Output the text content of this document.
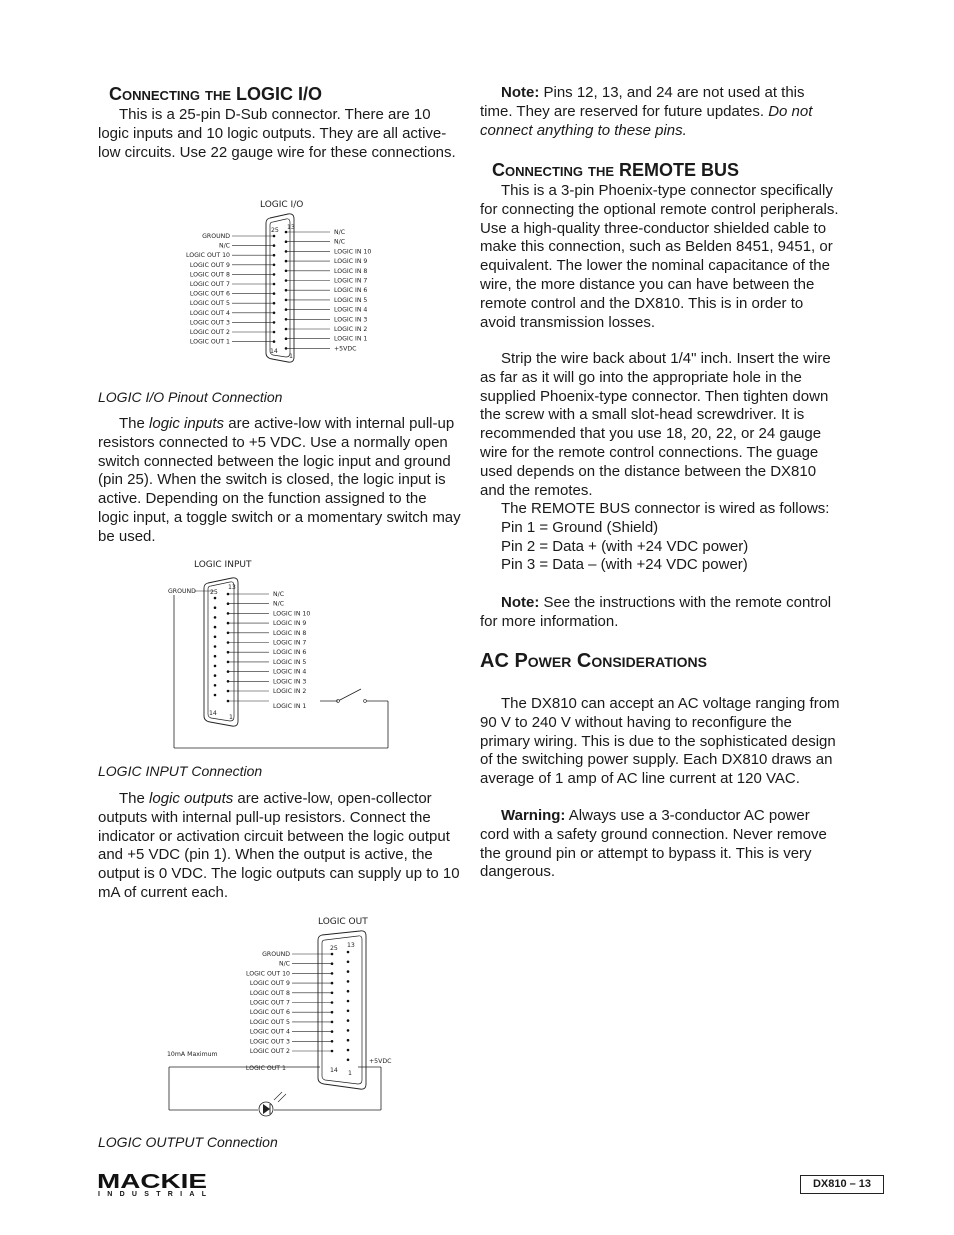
Connecting the LOGIC I/O

This is a 25-pin D-Sub connector. There are 10 logic inputs and 10 logic outputs. They are all active-low circuits. Use 22 gauge wire for these connections.

LOGIC I/O
25 13
14
1
GROUND
N/C
LOGIC OUT 10
LOGIC OUT 9
LOGIC OUT 8
LOGIC OUT 7
LOGIC OUT 6
LOGIC OUT 5
LOGIC OUT 4
LOGIC OUT 3
LOGIC OUT 2
LOGIC OUT 1
N/C
N/C
LOGIC IN 10
LOGIC IN 9
LOGIC IN 8
LOGIC IN 7
LOGIC IN 6
LOGIC IN 5
LOGIC IN 4
LOGIC IN 3
LOGIC IN 2
LOGIC IN 1
+5VDC

LOGIC I/O Pinout Connection

The logic inputs are active-low with internal pull-up resistors connected to +5 VDC. Use a normally open switch connected between the logic input and ground (pin 25). When the switch is closed, the logic input is active. Depending on the function assigned to the logic input, a toggle switch or a momentary switch may be used.

LOGIC INPUT
25
13
14
1
GROUND	N/C
N/C
LOGIC IN 10
LOGIC IN 9
LOGIC IN 8
LOGIC IN 7
LOGIC IN 6
LOGIC IN 5
LOGIC IN 4
LOGIC IN 3
LOGIC IN 2
LOGIC IN 1

LOGIC INPUT Connection

The logic outputs are active-low, open-collector outputs with internal pull-up resistors. Connect the indicator or activation circuit between the logic output and +5 VDC (pin 1). When the output is active, the output is 0 VDC. The logic outputs can supply up to 10 mA of current each.

LOGIC OUT
25 13
14 1
10mA Maximum
+5VDC
GROUND
N/C
LOGIC OUT 10
LOGIC OUT 9
LOGIC OUT 8
LOGIC OUT 7
LOGIC OUT 6
LOGIC OUT 5
LOGIC OUT 4
LOGIC OUT 3
LOGIC OUT 2
LOGIC OUT 1

LOGIC OUTPUT Connection

Note: Pins 12, 13, and 24 are not used at this time. They are reserved for future updates. Do not connect anything to these pins.

Connecting the REMOTE BUS

This is a 3-pin Phoenix-type connector specifically for connecting the optional remote control peripherals. Use a high-quality three-conductor shielded cable to make this connection, such as Belden 8451, 9451, or equivalent. The lower the nominal capacitance of the wire, the more distance you can have between the remote control and the DX810. This is in order to avoid transmission losses.

Strip the wire back about 1/4" inch. Insert the wire as far as it will go into the appropriate hole in the supplied Phoenix-type connector. Then tighten down the screw with a small slot-head screwdriver. It is recommended that you use 18, 20, 22, or 24 gauge wire for the remote control connections. The guage used depends on the distance between the DX810 and the remotes.

The REMOTE BUS connector is wired as follows:

Pin 1 = Ground (Shield)

Pin 2 = Data + (with +24 VDC power)

Pin 3 = Data – (with +24 VDC power)

Note: See the instructions with the remote control for more information.

AC Power Considerations

The DX810 can accept an AC voltage ranging from 90 V to 240 V without having to reconfigure the primary wiring. This is due to the sophisticated design of the switching power supply. Each DX810 draws an average of 1 amp of AC line current at 120 VAC.

Warning: Always use a 3-conductor AC power cord with a safety ground connection. Never remove the ground pin or attempt to bypass it. This is very dangerous.

MACKIE
INDUSTRIAL
DX810 – 13
